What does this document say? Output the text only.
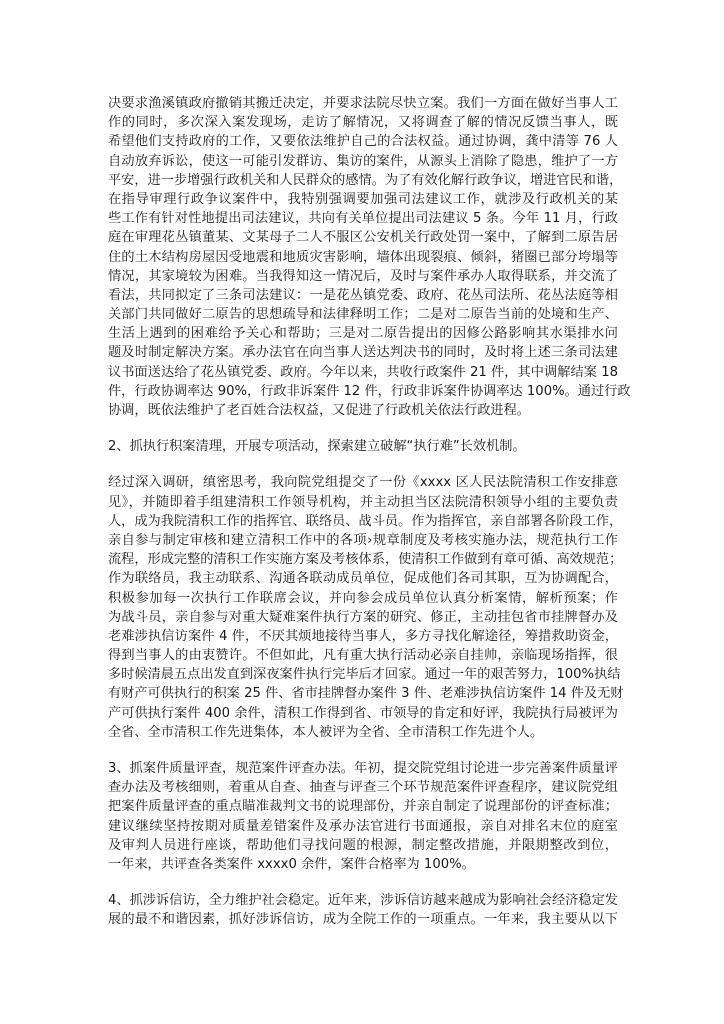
决要求渔溪镇政府撤销其搬迁决定，并要求法院尽快立案。我们一方面在做好当事人工
作的同时，多次深入案发现场，走访了解情况，又将调查了解的情况反馈当事人，既
希望他们支持政府的工作，又要依法维护自己的合法权益。通过协调，龚中清等 76 人
自动放弃诉讼，使这一可能引发群访、集访的案件，从源头上消除了隐患，维护了一方
平安，进一步增强行政机关和人民群众的感情。为了有效化解行政争议，增进官民和谐，
在指导审理行政争议案件中，我特别强调要加强司法建议工作，就涉及行政机关的某
些工作有针对性地提出司法建议，共向有关单位提出司法建议 5 条。今年 11 月，行政
庭在审理花丛镇董某、文某母子二人不服区公安机关行政处罚一案中，了解到二原告居
住的土木结构房屋因受地震和地质灾害影响，墙体出现裂痕、倾斜，猪圈已部分垮塌等
情况，其家境较为困难。当我得知这一情况后，及时与案件承办人取得联系，并交流了
看法，共同拟定了三条司法建议：一是花丛镇党委、政府、花丛司法所、花丛法庭等相
关部门共同做好二原告的思想疏导和法律释明工作；二是对二原告当前的处境和生产、
生活上遇到的困难给予关心和帮助；三是对二原告提出的因修公路影响其水渠排水问
题及时制定解决方案。承办法官在向当事人送达判决书的同时，及时将上述三条司法建
议书面送达给了花丛镇党委、政府。今年以来，共收行政案件 21 件，其中调解结案 18
件，行政协调率达 90%，行政非诉案件 12 件，行政非诉案件协调率达 100%。通过行政
协调，既依法维护了老百姓合法权益，又促进了行政机关依法行政进程。
2、抓执行积案清理，开展专项活动，探索建立破解“执行难”长效机制。
经过深入调研，缜密思考，我向院党组提交了一份《xxxx 区人民法院清积工作安排意
见》，并随即着手组建清积工作领导机构，并主动担当区法院清积领导小组的主要负责
人，成为我院清积工作的指挥官、联络员、战斗员。作为指挥官，亲自部署各阶段工作，
亲自参与制定审核和建立清积工作中的各项›规章制度及考核实施办法，规范执行工作
流程，形成完整的清积工作实施方案及考核体系，使清积工作做到有章可循、高效规范；
作为联络员，我主动联系、沟通各联动成员单位，促成他们各司其职，互为协调配合，
积极参加每一次执行工作联席会议，并向参会成员单位认真分析案情，解析预案；作
为战斗员，亲自参与对重大疑难案件执行方案的研究、修正，主动挂包省市挂牌督办及
老难涉执信访案件 4 件，不厌其烦地接待当事人，多方寻找化解途径，筹措救助资金，
得到当事人的由衷赞许。不但如此，凡有重大执行活动必亲自挂帅，亲临现场指挥，很
多时候清晨五点出发直到深夜案件执行完毕后才回家。通过一年的艰苦努力，100%执结
有财产可供执行的积案 25 件、省市挂牌督办案件 3 件、老难涉执信访案件 14 件及无财
产可供执行案件 400 余件，清积工作得到省、市领导的肯定和好评，我院执行局被评为
全省、全市清积工作先进集体，本人被评为全省、全市清积工作先进个人。
3、抓案件质量评查，规范案件评查办法。年初，提交院党组讨论进一步完善案件质量评
查办法及考核细则，着重从自查、抽查与评查三个环节规范案件评查程序，建议院党组
把案件质量评查的重点瞄准裁判文书的说理部份，并亲自制定了说理部份的评查标准；
建议继续坚持按期对质量差错案件及承办法官进行书面通报，亲自对排名末位的庭室
及审判人员进行座谈，帮助他们寻找问题的根源，制定整改措施，并限期整改到位，
一年来，共评查各类案件 xxxx0 余件，案件合格率为 100%。
4、抓涉诉信访，全力维护社会稳定。近年来，涉诉信访越来越成为影响社会经济稳定发
展的最不和谐因素，抓好涉诉信访，成为全院工作的一项重点。一年来，我主要从以下
